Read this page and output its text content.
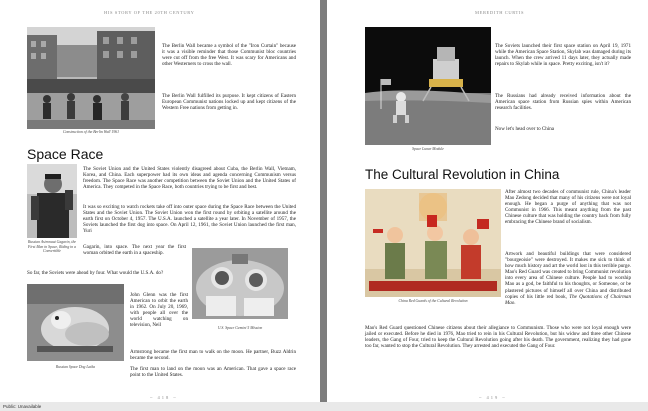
HIS STORY OF THE 20TH CENTURY
Construction of the Berlin Wall 1961

The Berlin Wall became a symbol of the "Iron Curtain" because it was a visible reminder that those Communist bloc countries were cut off from the free West. It was scary for Americans and other Westerners to cross the wall.

The Berlin Wall fulfilled its purpose. It kept citizens of Eastern European Communist nations locked up and kept citizens of the Western Free nations from getting in.

Space Race
Russian Astronaut Gagarin, the First Man in Space, Riding in a Convertible

The Soviet Union and the United States violently disagreed about Cuba, the Berlin Wall, Vietnam, Korea, and China. Each superpower had its own ideas and agenda concerning Communism versus freedom. The Space Race was another competition between the Soviet Union and the United States of America. They competed in the Space Race, both countries trying to be first and best.

It was so exciting to watch rockets take off into outer space during the Space Race between the United States and the Soviet Union. The Soviet Union won the first round by orbiting a satellite around the earth first on October 4, 1957. The U.S.A. launched a satellite a year later. In November of 1957, the Soviets launched the first dog into space. On April 12, 1961, the Soviet Union launched the first man, Yuri

Gagarin, into space. The next year the first woman orbited the earth in a spaceship.

So far, the Soviets were ahead by four. What would the U.S.A. do?

U.S. Space Gemini 5 Mission
Russian Space Dog Laika

John Glenn was the first American to orbit the earth in 1962. On July 20, 1969, with people all over the world watching on television, Neil

Armstrong became the first man to walk on the moon. He partner, Buzz Aldrin became the second.

The first man to land on the moon was an American. That gave a space race point to the United States.

~ 418 ~
MEREDITH CURTIS
Space Lunar Module

The Soviets launched their first space station on April 19, 1971 while the American Space Station, Skylab was damaged during its launch. When the crew arrived 11 days later, they actually made repairs to Skylab while in space. Pretty exciting, isn't it?

The Russians had already received information about the American space station from Russian spies within American research facilities.

Now let's head over to China

The Cultural Revolution in China
China Red Guards of the Cultural Revolution

After almost two decades of communist rule, China's leader Mao Zedong decided that many of his citizens were not loyal enough. He began a purge of anything that was not Communist in 1966. This meant anything from the past Chinese culture that was holding the country back from fully embracing the Chinese brand of socialism.

Artwork and beautiful buildings that were considered "bourgeoisie" were destroyed. It makes me sick to think of how much history and art the world lost in this terrible purge. Mao's Red Guard was created to bring Communist revolution into every area of Chinese culture. People had to worship Mao as a god, be faithful to his thoughts, or Someone, or be plastered pictures of himself all over China and distributed copies of his little red book, The Quotations of Chairman Mao.

Mao's Red Guard questioned Chinese citizens about their allegiance to Communism. Those who were not loyal enough were jailed or executed. Before he died in 1976, Mao tried to rein in his Cultural Revolution, but his widow and three other Chinese leaders, the Gang of Four, tried to keep the Cultural Revolution going after his death. The government, realizing they had gone too far, wanted to stop the Cultural Revolution. They arrested and executed the Gang of Four.

~ 419 ~
Public: Unavailable
